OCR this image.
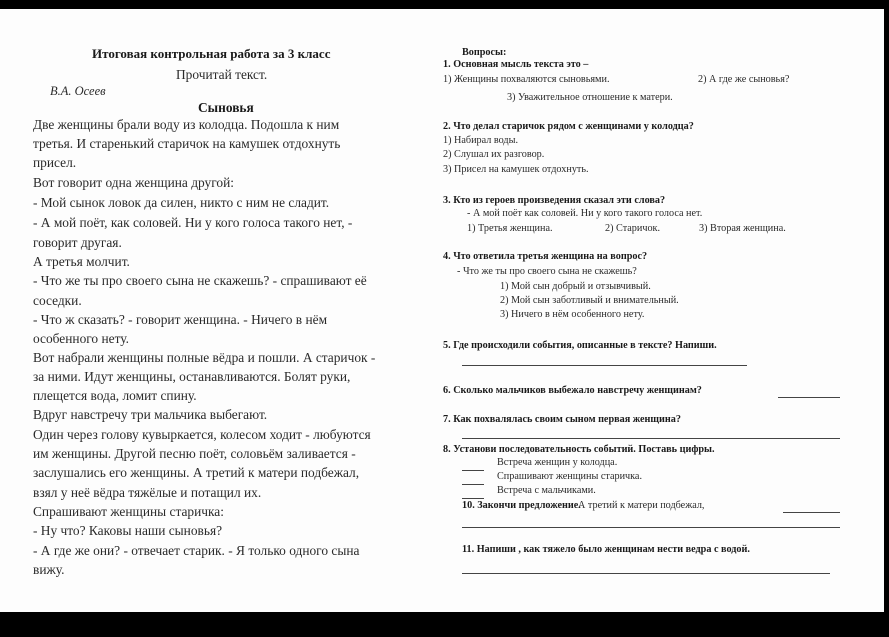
Итоговая контрольная работа за 3 класс
Прочитай текст.
В.А. Осеев
Сыновья
Две женщины брали воду из колодца. Подошла к ним
третья. И старенький старичок на камушек отдохнуть
присел.
Вот говорит одна женщина другой:
- Мой сынок ловок да силен, никто с ним не сладит.
- А мой поёт, как соловей. Ни у кого голоса такого нет, -
говорит другая.
А третья молчит.
- Что же ты про своего сына не скажешь? - спрашивают её
соседки.
- Что ж сказать? - говорит женщина. - Ничего в нём
особенного нету.
Вот набрали женщины полные вёдра и пошли. А старичок -
за ними. Идут женщины, останавливаются. Болят руки,
плещется вода, ломит спину.
Вдруг навстречу три мальчика выбегают.
Один через голову кувыркается, колесом ходит - любуются
им женщины. Другой песню поёт, соловьём заливается -
заслушались его женщины. А третий к матери подбежал,
взял у неё вёдра тяжёлые и потащил их.
Спрашивают женщины старичка:
- Ну что? Каковы наши сыновья?
- А где же они? - отвечает старик. - Я только одного сына
вижу.
Вопросы:
1. Основная мысль текста это –
1) Женщины похваляются сыновьями.	2) А где же сыновья?
3) Уважительное отношение к матери.
2. Что делал старичок рядом с женщинами у колодца?
1) Набирал воды.
2) Слушал их разговор.
3) Присел на камушек отдохнуть.
3. Кто из героев произведения сказал эти слова?
- А мой поёт как соловей. Ни у кого такого голоса нет.
1) Третья женщина.	2) Старичок.	3) Вторая женщина.
4. Что ответила третья женщина на вопрос?
- Что же ты про своего сына не скажешь?
1) Мой сын добрый и отзывчивый.
2) Мой сын заботливый и внимательный.
3) Ничего в нём особенного нету.
5. Где происходили события, описанные в тексте? Напиши.
6. Сколько мальчиков выбежало навстречу женщинам?
7. Как похвалялась своим сыном первая женщина?
8. Установи последовательность событий. Поставь цифры.
Встреча женщин у колодца.
Спрашивают женщины старичка.
Встреча с мальчиками.
10. Закончи предложение.
А третий к матери подбежал,
11. Напиши , как тяжело было женщинам нести ведра с водой.
